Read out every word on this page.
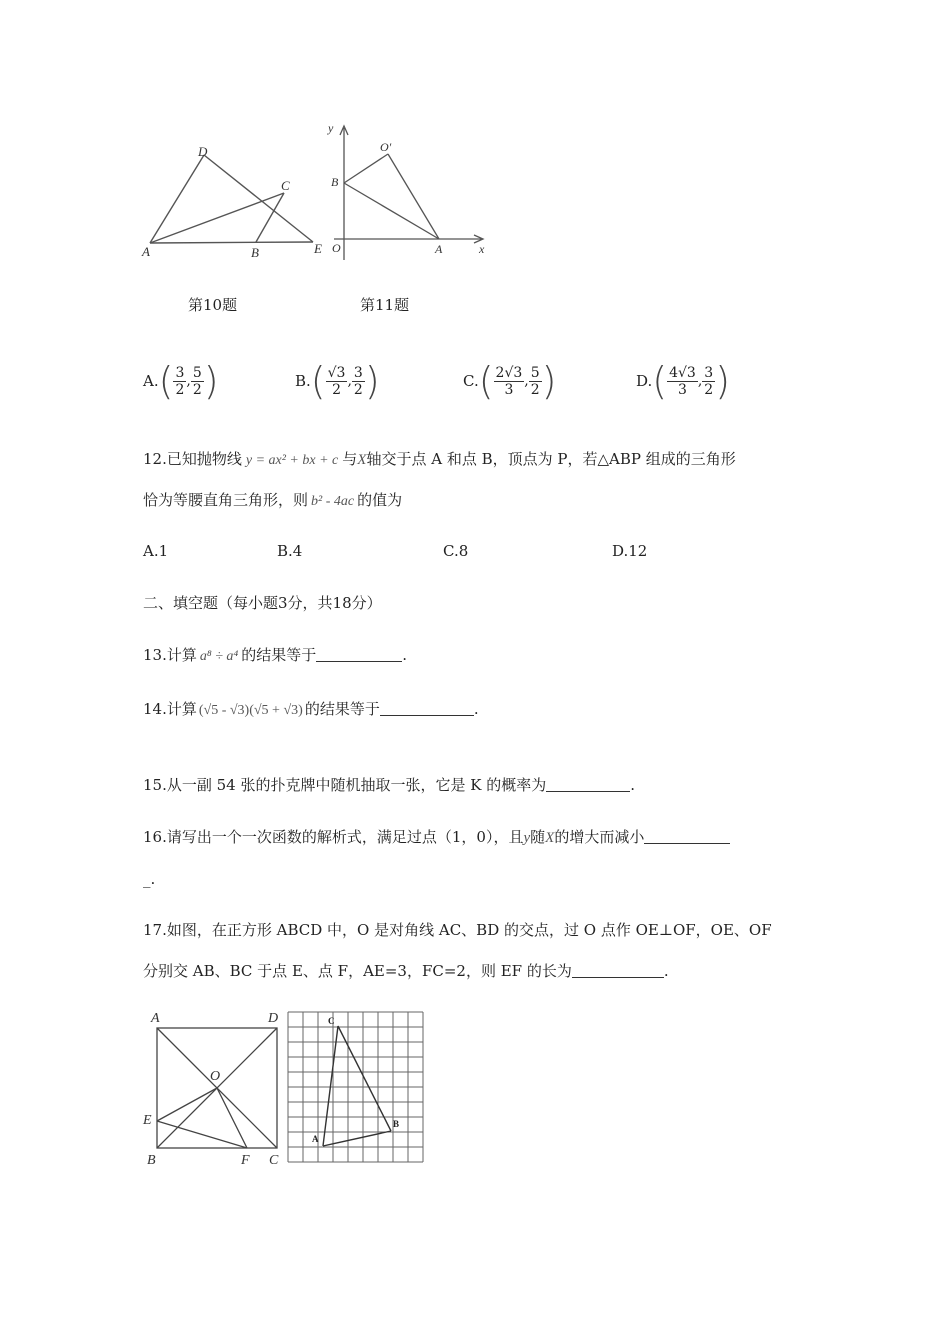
D
C
A	B	E
第10题
y
O′
B
O	A	x
第11题
A. ( $\frac{3}{2}$ , $\frac{5}{2}$ )	B. ( $\frac{√3}{2}$ , $\frac{3}{2}$ )	C. ( $\frac{2√3}{3}$ , $\frac{5}{2}$ )	D. ( $\frac{4√3}{3}$ , $\frac{3}{2}$ )
12.已知抛物线 y = ax² + bx + c 与X轴交于点 A 和点 B，顶点为 P，若△ABP 组成的三角形
恰为等腰直角三角形，则 b² - 4ac 的值为
A.1	B.4	C.8	D.12
二、填空题（每小题3分，共18分）
13.计算 a⁸ ÷ a⁴ 的结果等于	.
14.计算 (√5 - √3)(√5 + √3) 的结果等于	.
15.从一副 54 张的扑克牌中随机抽取一张，它是 K 的概率为	.
16.请写出一个一次函数的解析式，满足过点（1，0），且y随X的增大而减小
_.
17.如图，在正方形 ABCD 中，O 是对角线 AC、BD 的交点，过 O 点作 OE⊥OF，OE、OF
分别交 AB、BC 于点 E、点 F，AE=3，FC=2，则 EF 的长为	.
A	D
O
E
B	F C
C
A
B
